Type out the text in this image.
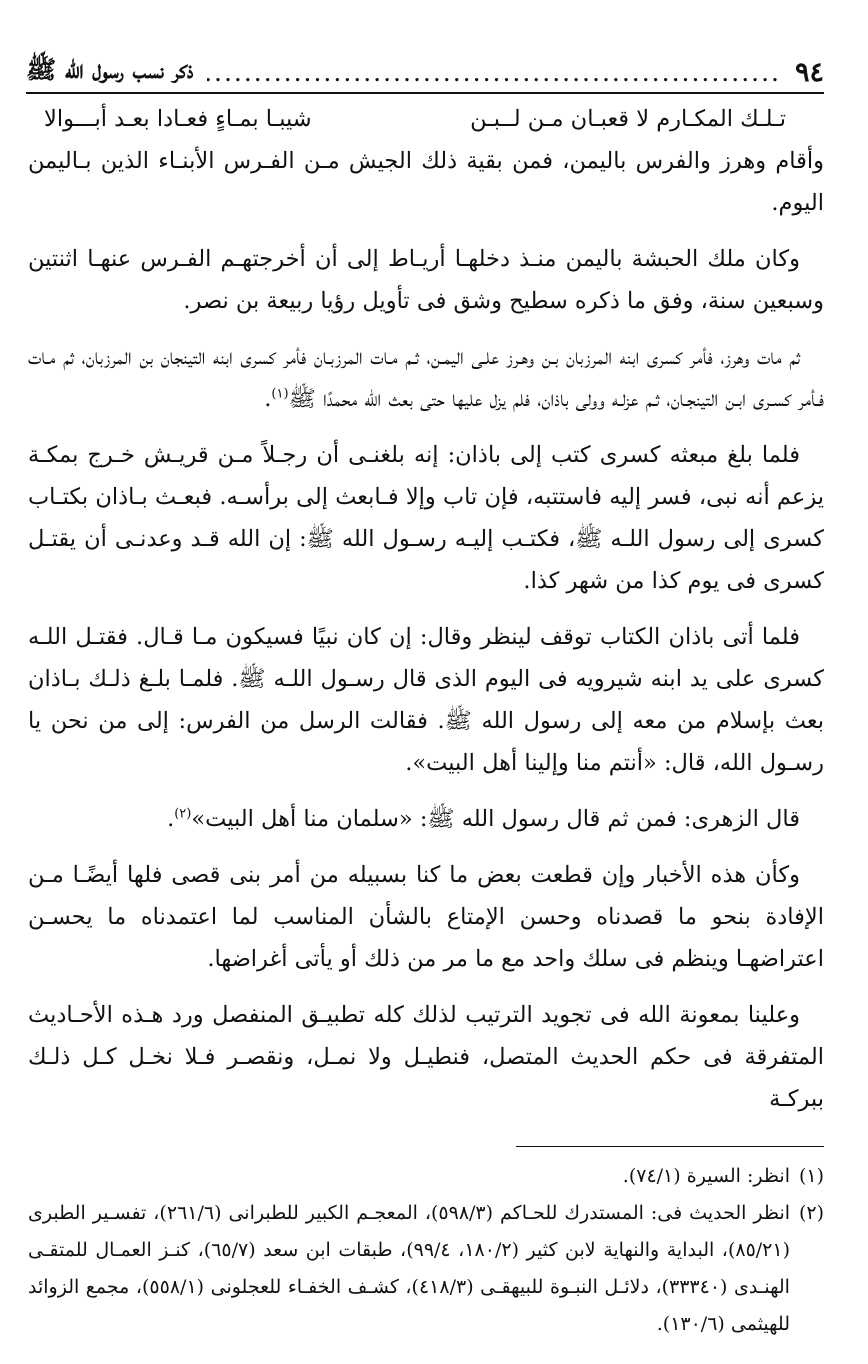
٩٤
.....
ذكر نسب رسول الله ﷺ
تـلـك المكـارم لا قعبـان مـن لــبـن
شيبـا بمـاءٍ فعـادا بعـد أبـــوالا

وأقام وهرز والفرس باليمن، فمن بقية ذلك الجيش مـن الفـرس الأبنـاء الذين بـاليمن اليوم.

وكان ملك الحبشة باليمن منـذ دخلهـا أريـاط إلى أن أخرجتهـم الفـرس عنهـا اثنتين وسبعين سنة، وفق ما ذكره سطيح وشق فى تأويل رؤيا ربيعة بن نصر.

ثم مات وهرز، فأمر كسرى ابنه المرزبان بـن وهـرز علـى اليمـن، ثـم مـات المرزبـان فأمر كسرى ابنه التينجان بن المرزبان، ثم مـات فـأمر كسـرى ابـن التينجـان، ثـم عزلـه وولى باذان، فلم يزل عليها حتى بعث الله محمدًا ﷺ$^{(١)}$.

فلما بلغ مبعثه كسرى كتب إلى باذان: إنه بلغنـى أن رجـلاً مـن قريـش خـرج بمكـة يزعم أنه نبى، فسر إليه فاستتبه، فإن تاب وإلا فـابعث إلى برأسـه. فبعـث بـاذان بكتـاب كسرى إلى رسول اللـه ﷺ، فكتـب إليـه رسـول الله ﷺ: إن الله قـد وعدنـى أن يقتـل كسرى فى يوم كذا من شهر كذا.

فلما أتى باذان الكتاب توقف لينظر وقال: إن كان نبيًا فسيكون مـا قـال. فقتـل اللـه كسرى على يد ابنه شيرويه فى اليوم الذى قال رسـول اللـه ﷺ. فلمـا بلـغ ذلـك بـاذان بعث بإسلام من معه إلى رسول الله ﷺ. فقالت الرسل من الفرس: إلى من نحن يا رسـول الله، قال: «أنتم منا وإلينا أهل البيت».

قال الزهرى: فمن ثم قال رسول الله ﷺ: «سلمان منا أهل البيت»$^{(٢)}$.

وكأن هذه الأخبار وإن قطعت بعض ما كنا بسبيله من أمر بنى قصى فلها أيضًـا مـن الإفادة بنحو ما قصدناه وحسن الإمتاع بالشأن المناسب لما اعتمدناه ما يحسـن اعتراضهـا وينظم فى سلك واحد مع ما مر من ذلك أو يأتى أغراضها.

وعلينا بمعونة الله فى تجويد الترتيب لذلك كله تطبيـق المنفصل ورد هـذه الأحـاديث المتفرقة فى حكم الحديث المتصل، فنطيـل ولا نمـل، ونقصـر فـلا نخـل كـل ذلـك ببركـة

(١)
انظر: السيرة (٧٤/١).
(٢)
انظر الحديث فى: المستدرك للحـاكم (٥٩٨/٣)، المعجـم الكبير للطبرانى (٢٦١/٦)، تفسـير الطبرى (٨٥/٢١)، البداية والنهاية لابن كثير (١٨٠/٢، ٩٩/٤)، طبقات ابن سعد (٦٥/٧)، كنـز العمـال للمتقـى الهنـدى (٣٣٣٤٠)، دلائـل النبـوة للبيهقـى (٤١٨/٣)، كشـف الخفـاء للعجلونى (٥٥٨/١)، مجمع الزوائد للهيثمى (١٣٠/٦).
